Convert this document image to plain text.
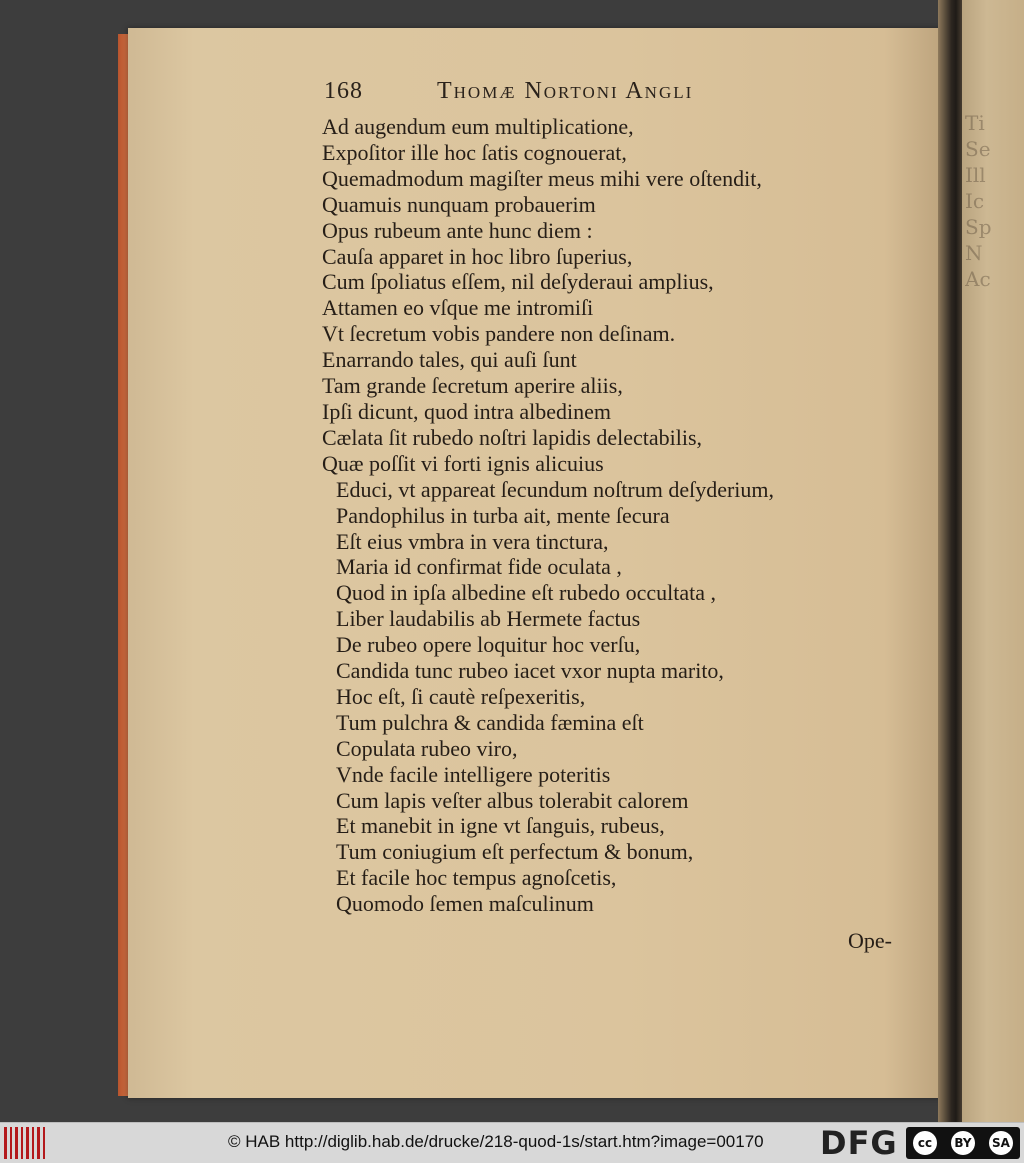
Ti
Se
Ill
Ic
Sp
N
Ac
168	Thomæ Nortoni Angli
Ad augendum eum multiplicatione,
Expoſitor ille hoc ſatis cognouerat,
Quemadmodum magiſter meus mihi vere oſtendit,
Quamuis nunquam probauerim
Opus rubeum ante hunc diem :
Cauſa apparet in hoc libro ſuperius,
Cum ſpoliatus eſſem, nil deſyderaui amplius,
Attamen eo vſque me intromiſi
Vt ſecretum vobis pandere non deſinam.
Enarrando tales, qui auſi ſunt
Tam grande ſecretum aperire aliis,
Ipſi dicunt, quod intra albedinem
Cælata ſit rubedo noſtri lapidis delectabilis,
Quæ poſſit vi forti ignis alicuius
Educi, vt appareat ſecundum noſtrum deſyderium,
Pandophilus in turba ait, mente ſecura
Eſt eius vmbra in vera tinctura,
Maria id confirmat fide oculata ,
Quod in ipſa albedine eſt rubedo occultata ,
Liber laudabilis ab Hermete factus
De rubeo opere loquitur hoc verſu,
Candida tunc rubeo iacet vxor nupta marito,
Hoc eſt, ſi cautè reſpexeritis,
Tum pulchra & candida fæmina eſt
Copulata rubeo viro,
Vnde facile intelligere poteritis
Cum lapis veſter albus tolerabit calorem
Et manebit in igne vt ſanguis, rubeus,
Tum coniugium eſt perfectum & bonum,
Et facile hoc tempus agnoſcetis,
Quomodo ſemen maſculinum
Ope-
© HAB http://diglib.hab.de/drucke/218-quod-1s/start.htm?image=00170 DFG	cc	BY SA
